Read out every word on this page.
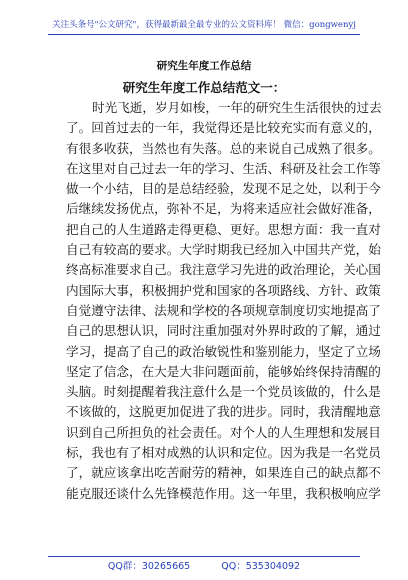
关注头条号"公文研究"，获得最新最全最专业的公文资料库！ 微信：gongwenyj
研究生年度工作总结
研究生年度工作总结范文一：
时光飞逝，岁月如梭，一年的研究生生活很快的过去
了。回首过去的一年，我觉得还是比较充实而有意义的，
有很多收获，当然也有失落。总的来说自己成熟了很多。
在这里对自己过去一年的学习、生活、科研及社会工作等
做一个小结，目的是总结经验，发现不足之处，以利于今
后继续发扬优点，弥补不足，为将来适应社会做好准备，
把自己的人生道路走得更稳、更好。思想方面：我一直对
自己有较高的要求。大学时期我已经加入中国共产党，始
终高标准要求自己。我注意学习先进的政治理论，关心国
内国际大事，积极拥护党和国家的各项路线、方针、政策
自觉遵守法律、法规和学校的各项规章制度切实地提高了
自己的思想认识，同时注重加强对外界时政的了解，通过
学习，提高了自己的政治敏锐性和鉴别能力，坚定了立场
坚定了信念，在大是大非问题面前，能够始终保持清醒的
头脑。时刻提醒着我注意什么是一个党员该做的，什么是
不该做的，这脱更加促进了我的进步。同时，我清醒地意
识到自己所担负的社会责任。对个人的人生理想和发展目
标，我也有了相对成熟的认识和定位。因为我是一名党员
了，就应该拿出吃苦耐劳的精神，如果连自己的缺点都不
能克服还谈什么先锋模范作用。这一年里，我积极响应学
QQ群：30265665	QQ：535304092
